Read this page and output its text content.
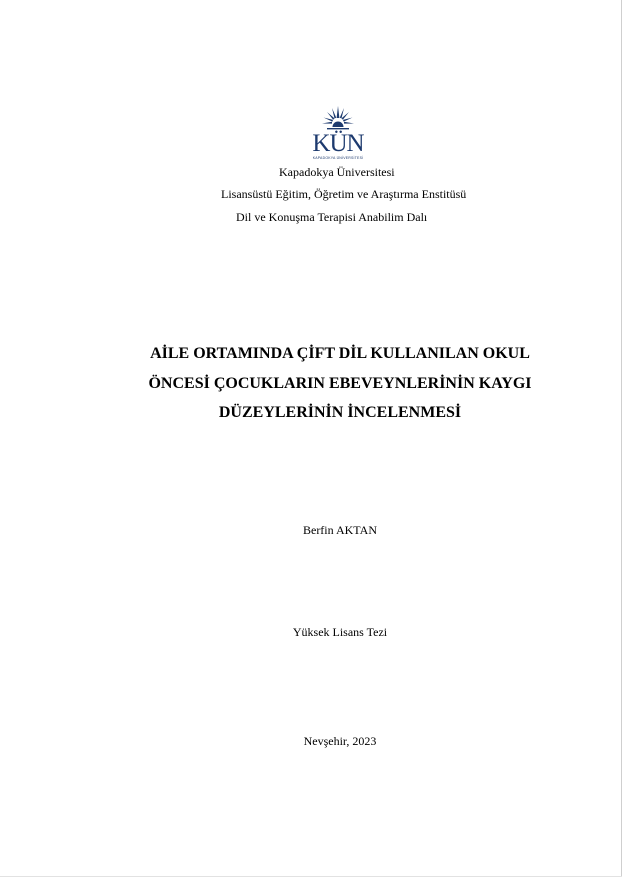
KÜN
KAPADOKYA ÜNİVERSİTESİ
Kapadokya Üniversitesi
Lisansüstü Eğitim, Öğretim ve Araştırma Enstitüsü
Dil ve Konuşma Terapisi Anabilim Dalı
AİLE ORTAMINDA ÇİFT DİL KULLANILAN OKUL
ÖNCESİ ÇOCUKLARIN EBEVEYNLERİNİN KAYGI
DÜZEYLERİNİN İNCELENMESİ
Berfin AKTAN
Yüksek Lisans Tezi
Nevşehir, 2023
